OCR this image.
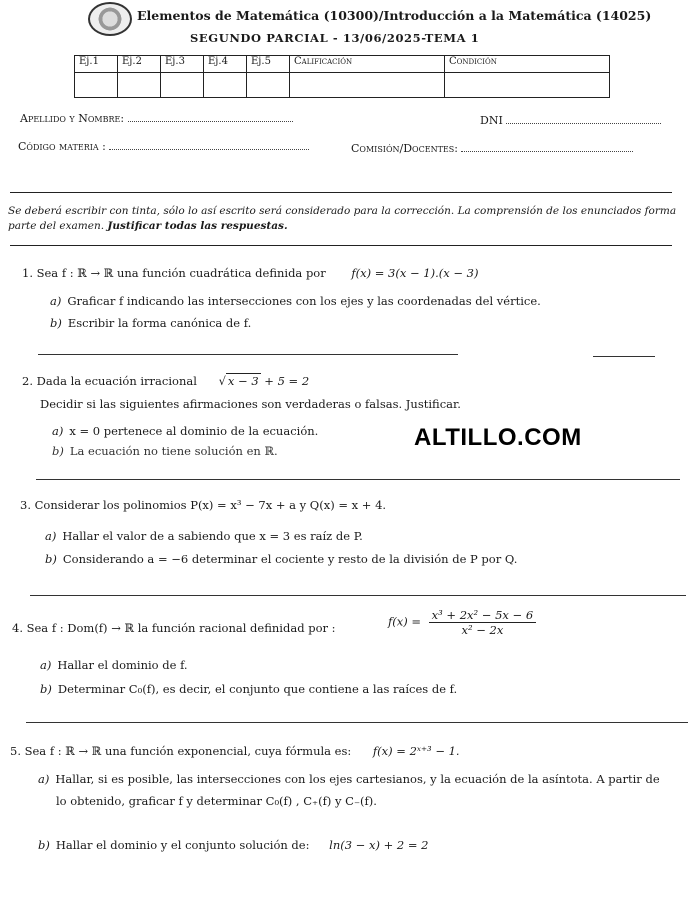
Elementos de Matemática (10300)/Introducción a la Matemática (14025)
SEGUNDO PARCIAL - 13/06/2025-TEMA 1
Ej.1	Ej.2	Ej.3	Ej.4	Ej.5	Calificación	Condición

Apellido y Nombre:	DNI
Código materia :	Comisión/Docentes:
Se deberá escribir con tinta, sólo lo así escrito será considerado para la corrección. La comprensión de los enunciados forma parte del examen. Justificar todas las respuestas.
1. Sea f : ℝ → ℝ una función cuadrática definida por f(x) = 3(x − 1).(x − 3)
a) Graficar f indicando las intersecciones con los ejes y las coordenadas del vértice.
b) Escribir la forma canónica de f.
2. Dada la ecuación irracional √ x − 3 + 5 = 2
Decidir si las siguientes afirmaciones son verdaderas o falsas. Justificar.
a) x = 0 pertenece al dominio de la ecuación.
b) La ecuación no tiene solución en ℝ.	ALTILLO.COM
3. Considerar los polinomios P(x) = x³ − 7x + a y Q(x) = x + 4.
a) Hallar el valor de a sabiendo que x = 3 es raíz de P.
b) Considerando a = −6 determinar el cociente y resto de la división de P por Q.
4. Sea f : Dom(f) → ℝ la función racional definidad por :	$f(x) = \frac{\text{x³ + 2x² − 5x − 6}}{\text{x² − 2x}}$
a) Hallar el dominio de f.
b) Determinar C₀(f), es decir, el conjunto que contiene a las raíces de f.
5. Sea f : ℝ → ℝ una función exponencial, cuya fórmula es: f(x) = 2ˣ⁺³ − 1.
a) Hallar, si es posible, las intersecciones con los ejes cartesianos, y la ecuación de la asíntota. A partir de
lo obtenido, graficar f y determinar C₀(f) , C₊(f) y C₋(f).
b) Hallar el dominio y el conjunto solución de: ln(3 − x) + 2 = 2
